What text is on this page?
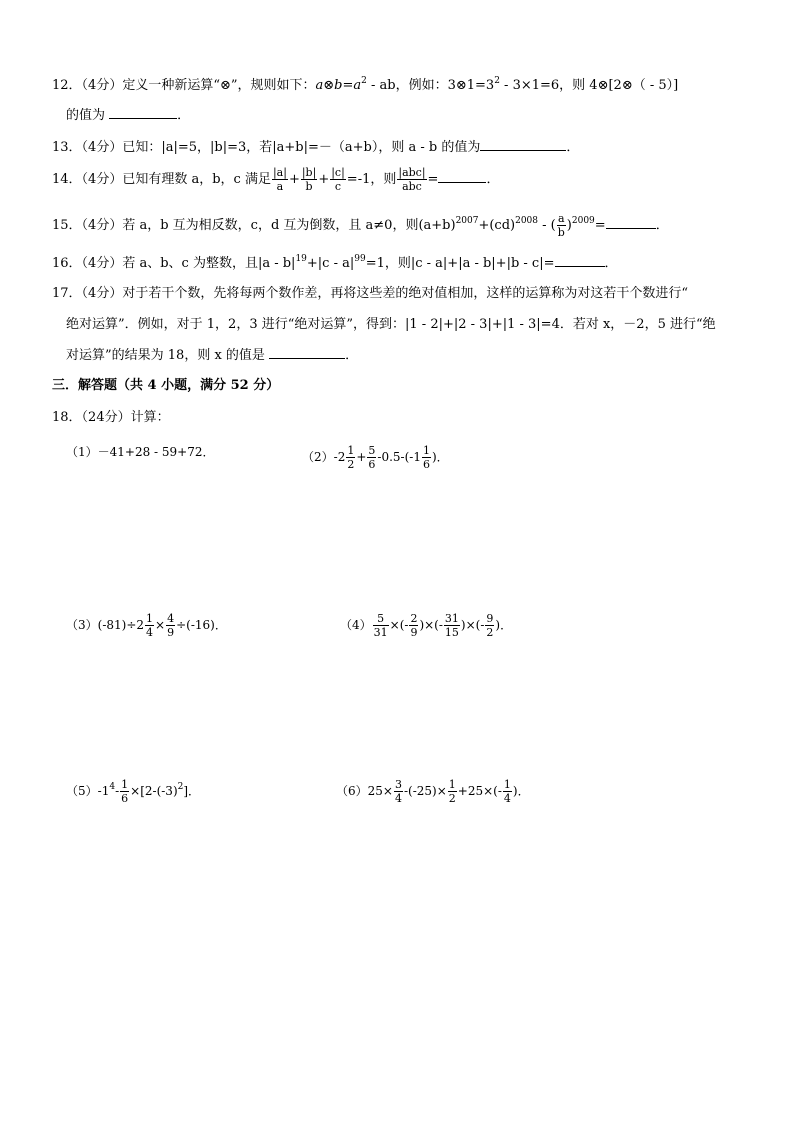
12．（4分）定义一种新运算“⊗”，规则如下：$a\otimes b=a^2$ - ab，例如：$3\otimes 1=3^2 - 3\times 1=6$，则 4⊗[2⊗（ - 5）]
的值为	．
13．（4分）已知：|a|=5，|b|=3，若|a+b|=－（a+b），则 a - b 的值为	．
14．（4分）已知有理数 a，b，c 满足 $\frac{|a|}{a} + \frac{|b|}{b} + \frac{|c|}{c} =-1$，则 |abc|
abc =	．
15．（4分）若 a，b 互为相反数，c，d 互为倒数，且 a≠0，则$(a+b)^{2007}+(cd)^{2008}$ - ( $\frac{a}{b} )^{2009}=$	．
16．（4分）若 a、b、c 为整数，且$|a - b|^{19}+|c - a|^{99}=1$，则|c - a|+|a - b|+|b - c|=	．
17．（4分）对于若干个数，先将每两个数作差，再将这些差的绝对值相加，这样的运算称为对这若干个数进行“
绝对运算”．例如，对于 1，2，3 进行“绝对运算”，得到：|1 - 2|+|2 - 3|+|1 - 3|=4．若对 x，－2，5 进行“绝
对运算”的结果为 18，则 x 的值是	．
三．解答题（共 4 小题，满分 52 分）
18．（24分）计算：
（1）－41+28 - 59+72．	$(2)-2 \frac{1}{2} + \frac{5}{6} -0.5-(-1 \frac{1}{6}$ )．
$(3)(-81)\div 2 \frac{1}{4} \times \frac{4}{9} \div(-16)$．	$(4) \frac{5}{31}$ ×(- $\frac{2}{9}$ )×(- $\frac{31}{15}$ )×(- $\frac{9}{2}$ )．
$(5)-1^4- \frac{1}{6} \times[2-(-3)^2]$．	$(6)25\times \frac{3}{4} -(-25)\times \frac{1}{2} +25\times(- \frac{1}{4}$ )．
